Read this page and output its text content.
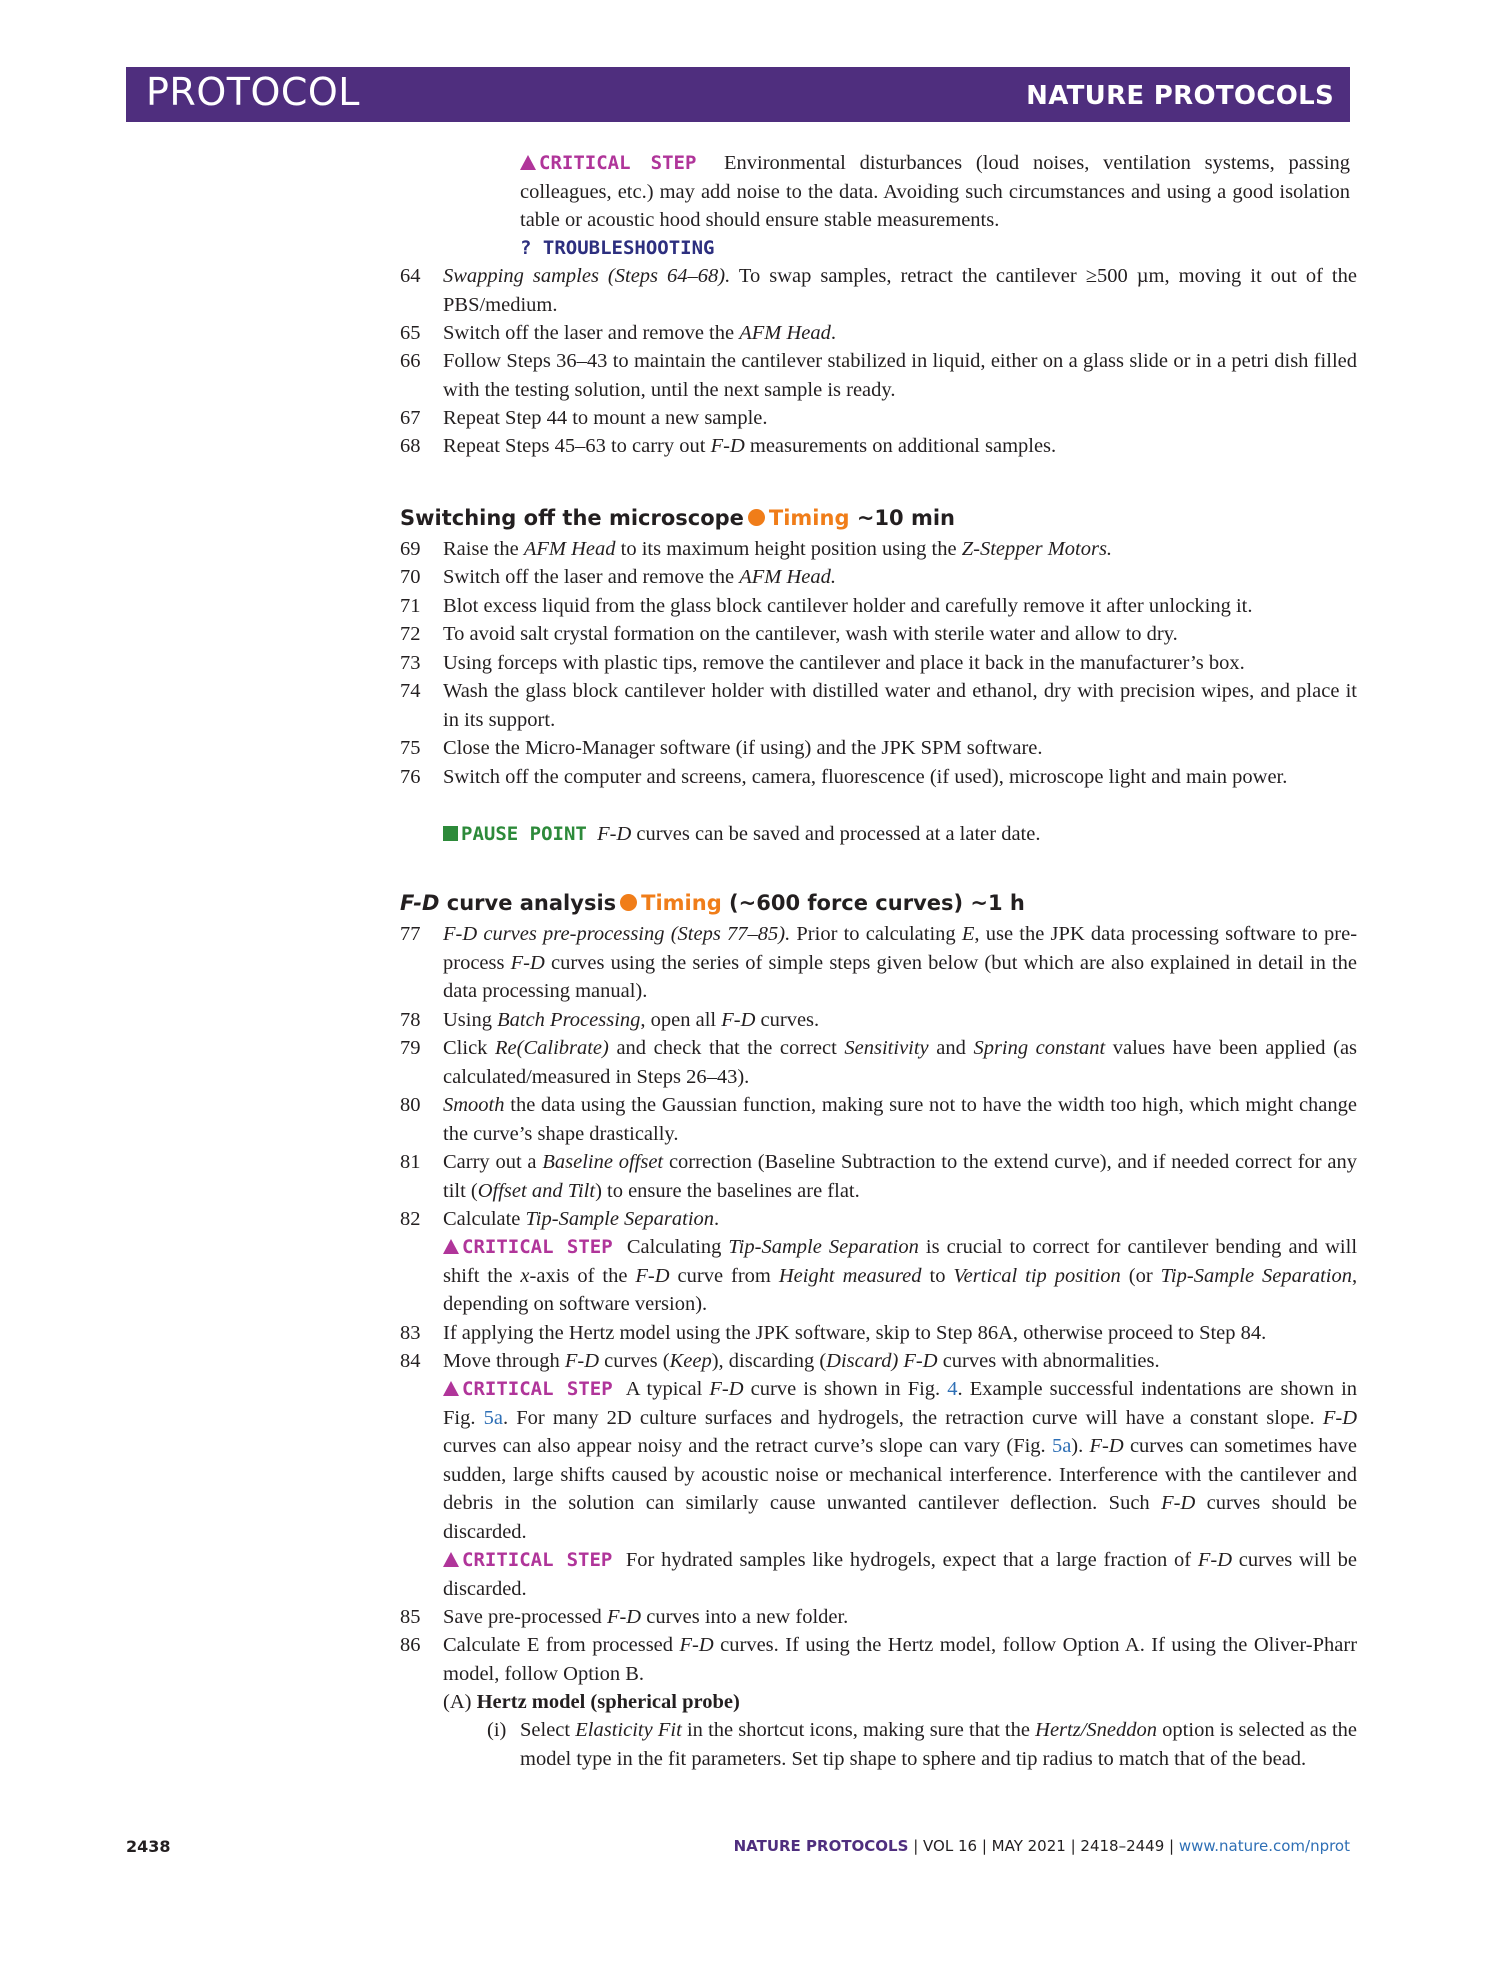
PROTOCOL	NATURE PROTOCOLS
CRITICAL STEP Environmental disturbances (loud noises, ventilation systems, passing colleagues, etc.) may add noise to the data. Avoiding such circumstances and using a good isolation table or acoustic hood should ensure stable measurements.
? TROUBLESHOOTING
64	Swapping samples (Steps 64–68). To swap samples, retract the cantilever ≥500 µm, moving it out of the PBS/medium.
65	Switch off the laser and remove the AFM Head.
66	Follow Steps 36–43 to maintain the cantilever stabilized in liquid, either on a glass slide or in a petri dish filled with the testing solution, until the next sample is ready.
67	Repeat Step 44 to mount a new sample.
68	Repeat Steps 45–63 to carry out F-D measurements on additional samples.
Switching off the microscope Timing ~10 min
69	Raise the AFM Head to its maximum height position using the Z-Stepper Motors.
70	Switch off the laser and remove the AFM Head.
71	Blot excess liquid from the glass block cantilever holder and carefully remove it after unlocking it.
72	To avoid salt crystal formation on the cantilever, wash with sterile water and allow to dry.
73	Using forceps with plastic tips, remove the cantilever and place it back in the manufacturer’s box.
74	Wash the glass block cantilever holder with distilled water and ethanol, dry with precision wipes, and place it in its support.
75	Close the Micro-Manager software (if using) and the JPK SPM software.
76	Switch off the computer and screens, camera, fluorescence (if used), microscope light and main power.
PAUSE POINT F-D curves can be saved and processed at a later date.
F-D curve analysis Timing (~600 force curves) ~1 h
77	F-D curves pre-processing (Steps 77–85). Prior to calculating E, use the JPK data processing software to pre-process F-D curves using the series of simple steps given below (but which are also explained in detail in the data processing manual).
78	Using Batch Processing, open all F-D curves.
79	Click Re(Calibrate) and check that the correct Sensitivity and Spring constant values have been applied (as calculated/measured in Steps 26–43).
80	Smooth the data using the Gaussian function, making sure not to have the width too high, which might change the curve’s shape drastically.
81	Carry out a Baseline offset correction (Baseline Subtraction to the extend curve), and if needed correct for any tilt (Offset and Tilt) to ensure the baselines are flat.
82	Calculate Tip-Sample Separation.
CRITICAL STEP Calculating Tip-Sample Separation is crucial to correct for cantilever bending and will shift the x-axis of the F-D curve from Height measured to Vertical tip position (or Tip-Sample Separation, depending on software version).
83	If applying the Hertz model using the JPK software, skip to Step 86A, otherwise proceed to Step 84.
84	Move through F-D curves (Keep), discarding (Discard) F-D curves with abnormalities.
CRITICAL STEP A typical F-D curve is shown in Fig. 4. Example successful indentations are shown in Fig. 5a. For many 2D culture surfaces and hydrogels, the retraction curve will have a constant slope. F-D curves can also appear noisy and the retract curve’s slope can vary (Fig. 5a). F-D curves can sometimes have sudden, large shifts caused by acoustic noise or mechanical interference. Interference with the cantilever and debris in the solution can similarly cause unwanted cantilever deflection. Such F-D curves should be discarded.
CRITICAL STEP For hydrated samples like hydrogels, expect that a large fraction of F-D curves will be discarded.
85	Save pre-processed F-D curves into a new folder.
86	Calculate E from processed F-D curves. If using the Hertz model, follow Option A. If using the Oliver-Pharr model, follow Option B.
(A) Hertz model (spherical probe)
(i) Select Elasticity Fit in the shortcut icons, making sure that the Hertz/Sneddon option is selected as the model type in the fit parameters. Set tip shape to sphere and tip radius to match that of the bead.
2438	NATURE PROTOCOLS | VOL 16 | MAY 2021 | 2418–2449 | www.nature.com/nprot
